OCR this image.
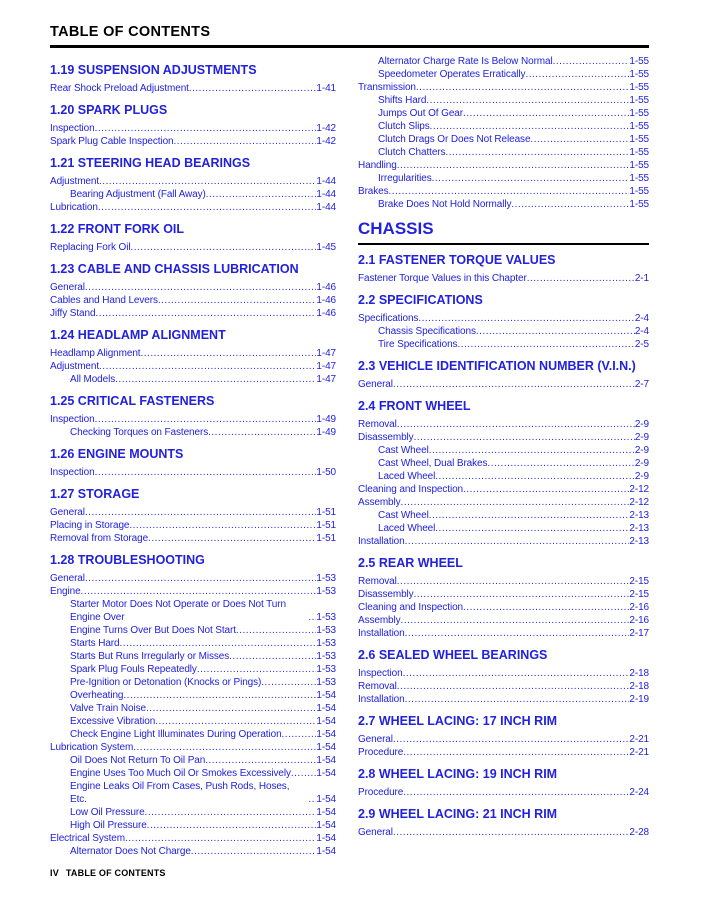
TABLE OF CONTENTS
1.19 SUSPENSION ADJUSTMENTS
Rear Shock Preload Adjustment .....	1-41
1.20 SPARK PLUGS
Inspection .....	1-42
Spark Plug Cable Inspection .....	1-42
1.21 STEERING HEAD BEARINGS
Adjustment .....	1-44
Bearing Adjustment (Fall Away) .....	1-44
Lubrication .....	1-44
1.22 FRONT FORK OIL
Replacing Fork Oil .....	1-45
1.23 CABLE AND CHASSIS LUBRICATION
General .....	1-46
Cables and Hand Levers .....	1-46
Jiffy Stand .....	1-46
1.24 HEADLAMP ALIGNMENT
Headlamp Alignment .....	1-47
Adjustment .....	1-47
All Models .....	1-47
1.25 CRITICAL FASTENERS
Inspection .....	1-49
Checking Torques on Fasteners .....	1-49
1.26 ENGINE MOUNTS
Inspection .....	1-50
1.27 STORAGE
General .....	1-51
Placing in Storage .....	1-51
Removal from Storage .....	1-51
1.28 TROUBLESHOOTING
General .....	1-53
Engine .....	1-53
Starter Motor Does Not Operate or Does Not Turn Engine Over .....	1-53
Engine Turns Over But Does Not Start .....	1-53
Starts Hard .....	1-53
Starts But Runs Irregularly or Misses .....	1-53
Spark Plug Fouls Repeatedly .....	1-53
Pre-Ignition or Detonation (Knocks or Pings) .....	1-53
Overheating .....	1-54
Valve Train Noise .....	1-54
Excessive Vibration .....	1-54
Check Engine Light Illuminates During Operation .....	1-54
Lubrication System .....	1-54
Oil Does Not Return To Oil Pan .....	1-54
Engine Uses Too Much Oil Or Smokes Excessively .....	1-54
Engine Leaks Oil From Cases, Push Rods, Hoses, Etc. .....	1-54
Low Oil Pressure .....	1-54
High Oil Pressure .....	1-54
Electrical System .....	1-54
Alternator Does Not Charge .....	1-54
Alternator Charge Rate Is Below Normal .....	1-55
Speedometer Operates Erratically .....	1-55
Transmission .....	1-55
Shifts Hard .....	1-55
Jumps Out Of Gear .....	1-55
Clutch Slips .....	1-55
Clutch Drags Or Does Not Release .....	1-55
Clutch Chatters .....	1-55
Handling .....	1-55
Irregularities .....	1-55
Brakes .....	1-55
Brake Does Not Hold Normally .....	1-55
CHASSIS
2.1 FASTENER TORQUE VALUES
Fastener Torque Values in this Chapter .....	2-1
2.2 SPECIFICATIONS
Specifications .....	2-4
Chassis Specifications .....	2-4
Tire Specifications .....	2-5
2.3 VEHICLE IDENTIFICATION NUMBER (V.I.N.)
General .....	2-7
2.4 FRONT WHEEL
Removal .....	2-9
Disassembly .....	2-9
Cast Wheel .....	2-9
Cast Wheel, Dual Brakes .....	2-9
Laced Wheel .....	2-9
Cleaning and Inspection .....	2-12
Assembly .....	2-12
Cast Wheel .....	2-13
Laced Wheel .....	2-13
Installation .....	2-13
2.5 REAR WHEEL
Removal .....	2-15
Disassembly .....	2-15
Cleaning and Inspection .....	2-16
Assembly .....	2-16
Installation .....	2-17
2.6 SEALED WHEEL BEARINGS
Inspection .....	2-18
Removal .....	2-18
Installation .....	2-19
2.7 WHEEL LACING: 17 INCH RIM
General .....	2-21
Procedure .....	2-21
2.8 WHEEL LACING: 19 INCH RIM
Procedure .....	2-24
2.9 WHEEL LACING: 21 INCH RIM
General .....	2-28
IV TABLE OF CONTENTS
